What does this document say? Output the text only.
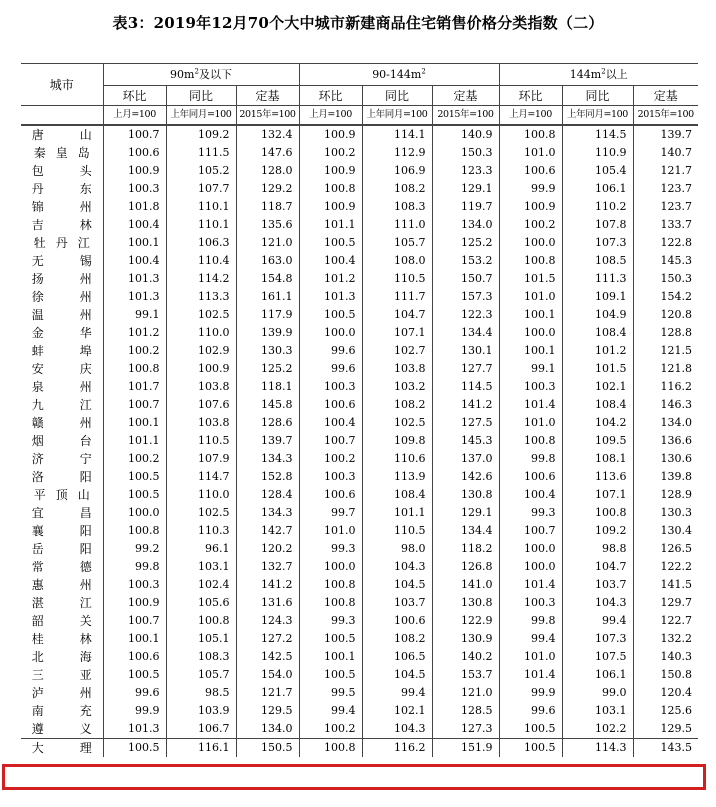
表3：2019年12月70个大中城市新建商品住宅销售价格分类指数（二）
城市	$90m^2$及以下			$90-144m^2$			$144m^2$以上		
	环比	同比	定基	环比	同比	定基	环比	同比	定基
	上月=100	上年同月=100	2015年=100	上月=100	上年同月=100	2015年=100	上月=100	上年同月=100	2015年=100
唐 山	100.7	109.2	132.4	100.9	114.1	140.9	100.8	114.5	139.7
秦 皇 岛	100.6	111.5	147.6	100.2	112.9	150.3	101.0	110.9	140.7
包 头	100.9	105.2	128.0	100.9	106.9	123.3	100.6	105.4	121.7
丹 东	100.3	107.7	129.2	100.8	108.2	129.1	99.9	106.1	123.7
锦 州	101.8	110.1	118.7	100.9	108.3	119.7	100.9	110.2	123.7
吉 林	100.4	110.1	135.6	101.1	111.0	134.0	100.2	107.8	133.7
牡 丹 江	100.1	106.3	121.0	100.5	105.7	125.2	100.0	107.3	122.8
无 锡	100.4	110.4	163.0	100.4	108.0	153.2	100.8	108.5	145.3
扬 州	101.3	114.2	154.8	101.2	110.5	150.7	101.5	111.3	150.3
徐 州	101.3	113.3	161.1	101.3	111.7	157.3	101.0	109.1	154.2
温 州	99.1	102.5	117.9	100.5	104.7	122.3	100.1	104.9	120.8
金 华	101.2	110.0	139.9	100.0	107.1	134.4	100.0	108.4	128.8
蚌 埠	100.2	102.9	130.3	99.6	102.7	130.1	100.1	101.2	121.5
安 庆	100.8	100.9	125.2	99.6	103.8	127.7	99.1	101.5	121.8
泉 州	101.7	103.8	118.1	100.3	103.2	114.5	100.3	102.1	116.2
九 江	100.7	107.6	145.8	100.6	108.2	141.2	101.4	108.4	146.3
赣 州	100.1	103.8	128.6	100.4	102.5	127.5	101.0	104.2	134.0
烟 台	101.1	110.5	139.7	100.7	109.8	145.3	100.8	109.5	136.6
济 宁	100.2	107.9	134.3	100.2	110.6	137.0	99.8	108.1	130.6
洛 阳	100.5	114.7	152.8	100.3	113.9	142.6	100.6	113.6	139.8
平 顶 山	100.5	110.0	128.4	100.6	108.4	130.8	100.4	107.1	128.9
宜 昌	100.0	102.5	134.3	99.7	101.1	129.1	99.3	100.8	130.3
襄 阳	100.8	110.3	142.7	101.0	110.5	134.4	100.7	109.2	130.4
岳 阳	99.2	96.1	120.2	99.3	98.0	118.2	100.0	98.8	126.5
常 德	99.8	103.1	132.7	100.0	104.3	126.8	100.0	104.7	122.2
惠 州	100.3	102.4	141.2	100.8	104.5	141.0	101.4	103.7	141.5
湛 江	100.9	105.6	131.6	100.8	103.7	130.8	100.3	104.3	129.7
韶 关	100.7	100.8	124.3	99.3	100.6	122.9	99.8	99.4	122.7
桂 林	100.1	105.1	127.2	100.5	108.2	130.9	99.4	107.3	132.2
北 海	100.6	108.3	142.5	100.1	106.5	140.2	101.0	107.5	140.3
三 亚	100.5	105.7	154.0	100.5	104.5	153.7	101.4	106.1	150.8
泸 州	99.6	98.5	121.7	99.5	99.4	121.0	99.9	99.0	120.4
南 充	99.9	103.9	129.5	99.4	102.1	128.5	99.6	103.1	125.6
遵 义	101.3	106.7	134.0	100.2	104.3	127.3	100.5	102.2	129.5
大 理	100.5	116.1	150.5	100.8	116.2	151.9	100.5	114.3	143.5
